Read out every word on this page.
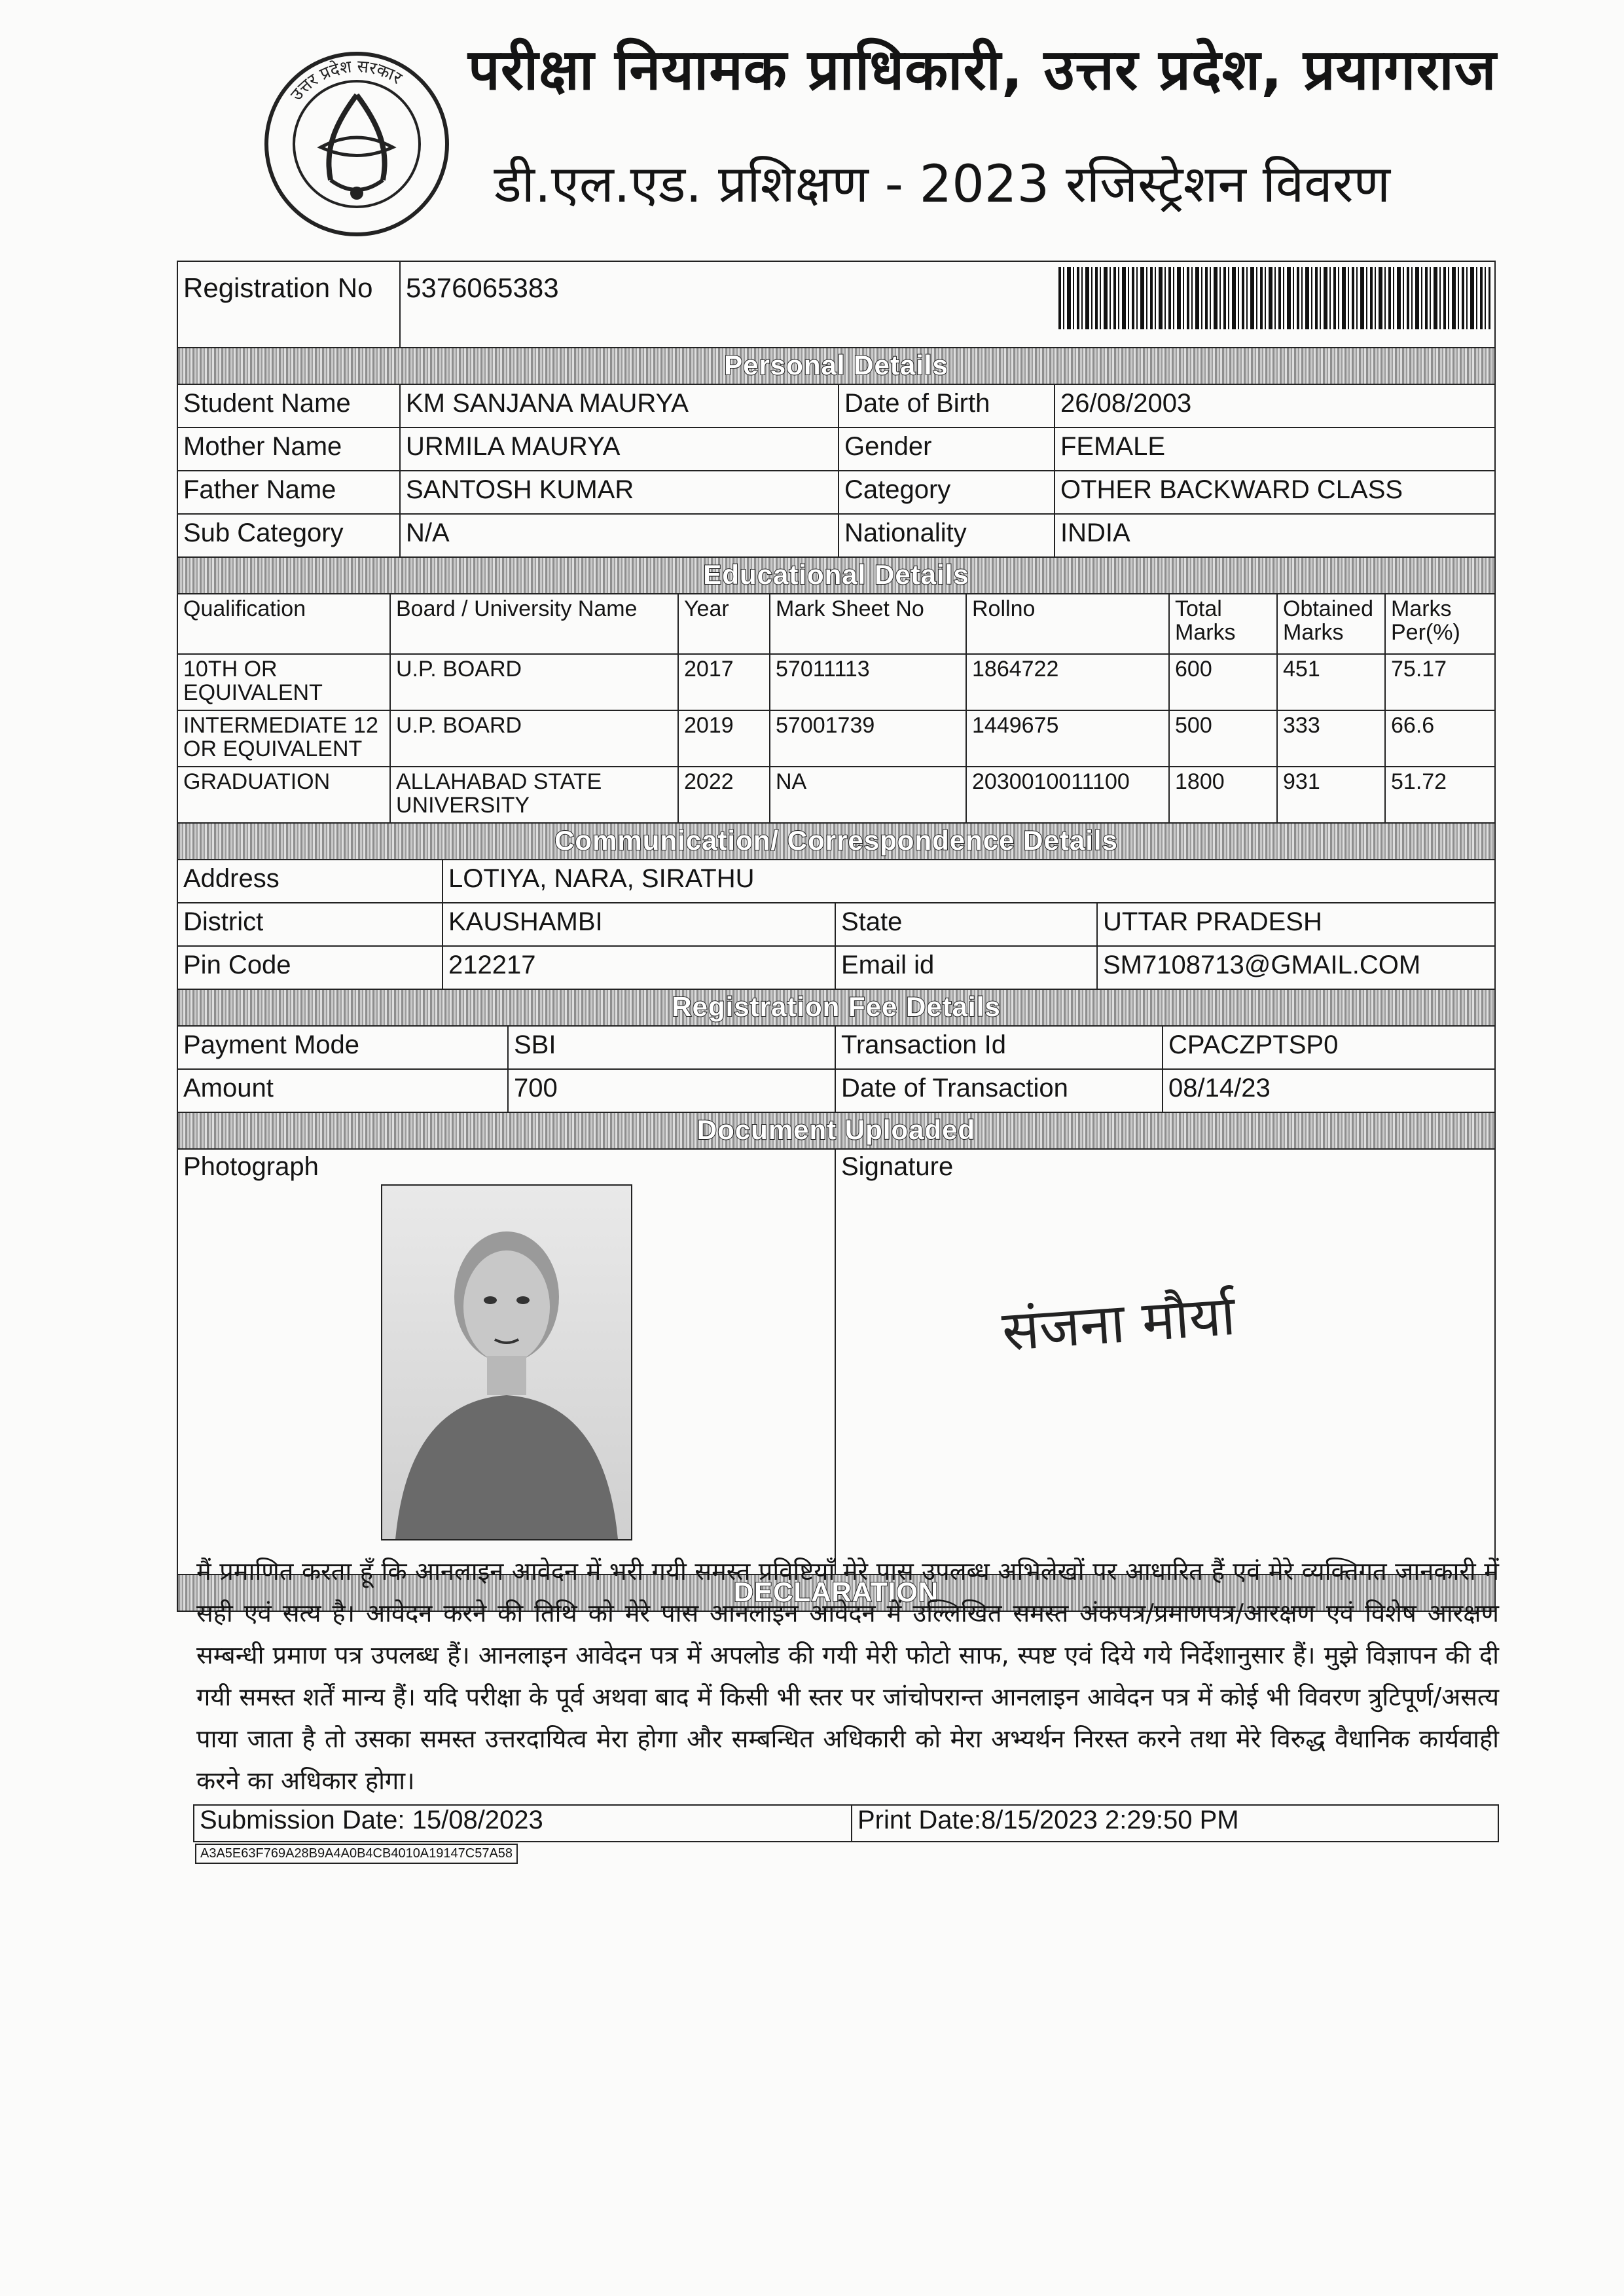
उत्तर प्रदेश सरकार परीक्षा नियामक प्राधिकारी, उत्तर प्रदेश, प्रयागराज
डी.एल.एड. प्रशिक्षण - 2023 रजिस्ट्रेशन विवरण
Registration No	5376065383
Personal Details
Student Name	KM SANJANA MAURYA	Date of Birth	26/08/2003
Mother Name	URMILA MAURYA	Gender	FEMALE
Father Name	SANTOSH KUMAR	Category	OTHER BACKWARD CLASS
Sub Category	N/A	Nationality	INDIA
Educational Details
Qualification	Board / University Name	Year	Mark Sheet No	Rollno	Total Marks	Obtained Marks	Marks Per(%)
10TH OR EQUIVALENT	U.P. BOARD	2017	57011113	1864722	600	451	75.17
INTERMEDIATE 12 OR EQUIVALENT	U.P. BOARD	2019	57001739	1449675	500	333	66.6
GRADUATION	ALLAHABAD STATE UNIVERSITY	2022	NA	2030010011100	1800	931	51.72
Communication/ Correspondence Details
Address	LOTIYA, NARA, SIRATHU		
District	KAUSHAMBI	State	UTTAR PRADESH
Pin Code	212217	Email id	SM7108713@GMAIL.COM
Registration Fee Details
Payment Mode	SBI	Transaction Id	CPACZPTSP0
Amount	700	Date of Transaction	08/14/23
Document Uploaded
Photograph	Signature
संजना मौर्या
DECLARATION
मैं प्रमाणित करता हूँ कि आनलाइन आवेदन में भरी गयी समस्त प्रविष्टियाँ मेरे पास उपलब्ध अभिलेखों पर आधारित हैं एवं मेरे व्यक्तिगत जानकारी में सही एवं सत्य है। आवेदन करने की तिथि को मेरे पास आनलाइन आवेदन में उल्लिखित समस्त अंकपत्र/प्रमाणपत्र/आरक्षण एवं विशेष आरक्षण सम्बन्धी प्रमाण पत्र उपलब्ध हैं। आनलाइन आवेदन पत्र में अपलोड की गयी मेरी फोटो साफ, स्पष्ट एवं दिये गये निर्देशानुसार हैं। मुझे विज्ञापन की दी गयी समस्त शर्तें मान्य हैं। यदि परीक्षा के पूर्व अथवा बाद में किसी भी स्तर पर जांचोपरान्त आनलाइन आवेदन पत्र में कोई भी विवरण त्रुटिपूर्ण/असत्य पाया जाता है तो उसका समस्त उत्तरदायित्व मेरा होगा और सम्बन्धित अधिकारी को मेरा अभ्यर्थन निरस्त करने तथा मेरे विरुद्ध वैधानिक कार्यवाही करने का अधिकार होगा।
Submission Date: 15/08/2023	Print Date:8/15/2023 2:29:50 PM
A3A5E63F769A28B9A4A0B4CB4010A19147C57A58
